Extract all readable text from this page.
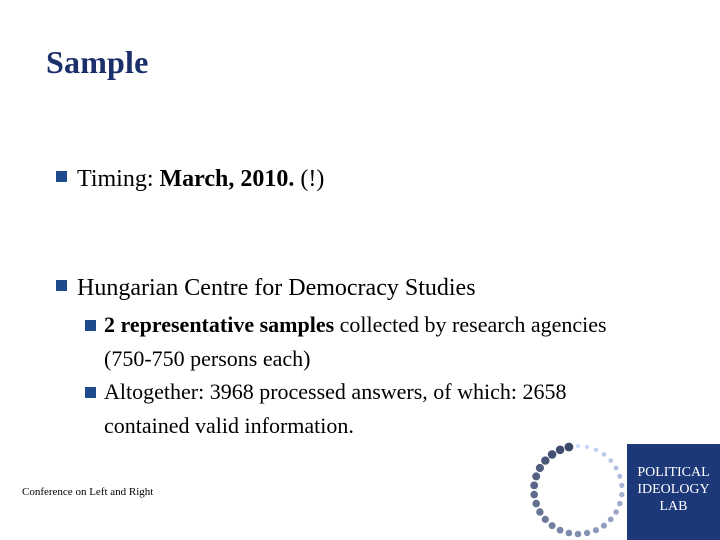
Sample
Timing: March, 2010. (!)
Hungarian Centre for Democracy Studies
2 representative samples collected by research agencies (750-750 persons each)
Altogether: 3968 processed answers, of which: 2658 contained valid information.
Conference on Left and Right
POLITICAL
IDEOLOGY
LAB
